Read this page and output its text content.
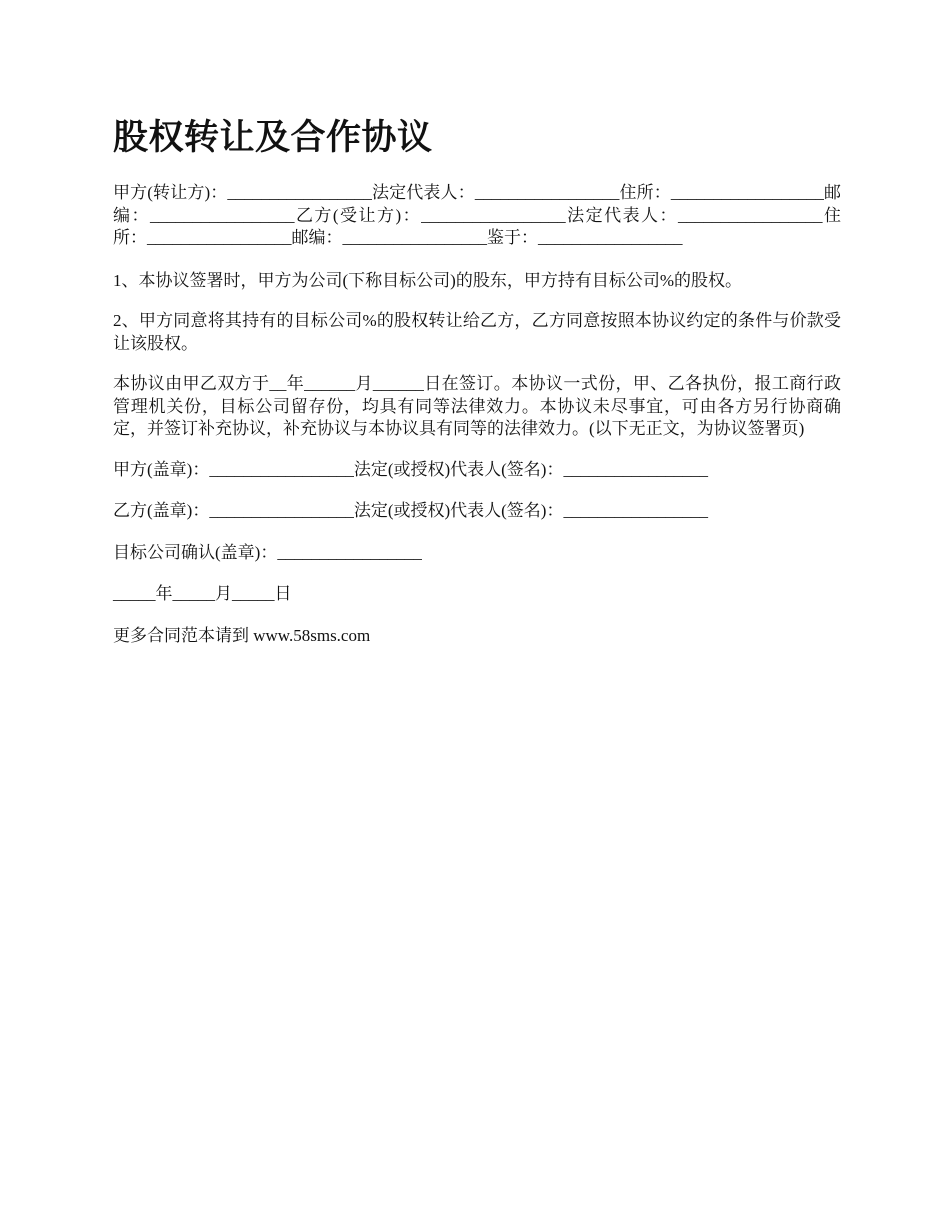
股权转让及合作协议

甲方(转让方)：_________________法定代表人：_________________住所：__________________邮编：_________________乙方(受让方)：_________________法定代表人：_________________住所：_________________邮编：_________________鉴于：_________________

1、本协议签署时，甲方为公司(下称目标公司)的股东，甲方持有目标公司%的股权。

2、甲方同意将其持有的目标公司%的股权转让给乙方，乙方同意按照本协议约定的条件与价款受让该股权。

本协议由甲乙双方于__年______月______日在签订。本协议一式份，甲、乙各执份，报工商行政管理机关份，目标公司留存份，均具有同等法律效力。本协议未尽事宜，可由各方另行协商确定，并签订补充协议，补充协议与本协议具有同等的法律效力。(以下无正文，为协议签署页)

甲方(盖章)：_________________法定(或授权)代表人(签名)：_________________

乙方(盖章)：_________________法定(或授权)代表人(签名)：_________________

目标公司确认(盖章)：_________________

_____年_____月_____日

更多合同范本请到 www.58sms.com
